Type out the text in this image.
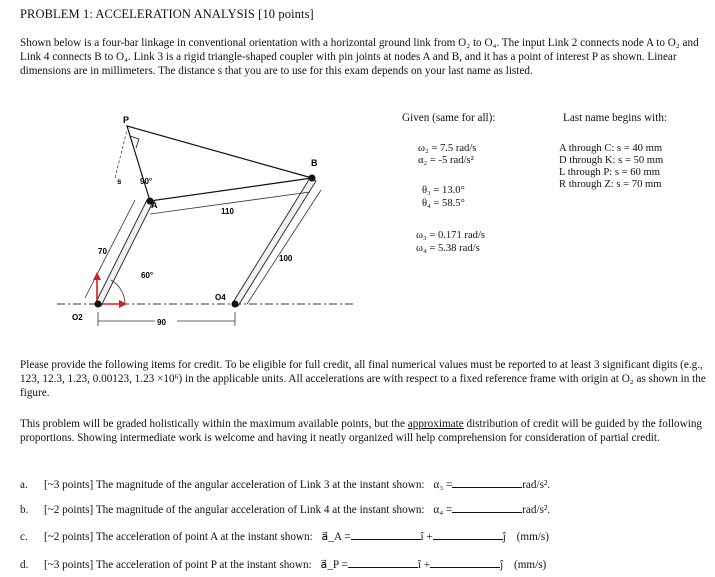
PROBLEM 1: ACCELERATION ANALYSIS [10 points]
Shown below is a four-bar linkage in conventional orientation with a horizontal ground link from O₂ to O₄. The input Link 2 connects node A to O₂ and Link 4 connects B to O₄. Link 3 is a rigid triangle-shaped coupler with pin joints at nodes A and B, and it has a point of interest P as shown. Linear dimensions are in millimeters. The distance s that you are to use for this exam depends on your last name as listed.
P
B
s
A
O2
O4
90°
60°
110
70
100
90
Given (same for all):
ω₂ = 7.5 rad/s
α₂ = -5 rad/s²
θ₃ = 13.0°
θ₄ = 58.5°
ω₃ = 0.171 rad/s
ω₄ = 5.38 rad/s
Last name begins with:
A through C: s = 40 mm
D through K: s = 50 mm
L through P: s = 60 mm
R through Z: s = 70 mm
Please provide the following items for credit. To be eligible for full credit, all final numerical values must be reported to at least 3 significant digits (e.g., 123, 12.3, 1.23, 0.00123, 1.23 ×10⁶) in the applicable units. All accelerations are with respect to a fixed reference frame with origin at O₂ as shown in the figure.
This problem will be graded holistically within the maximum available points, but the approximate distribution of credit will be guided by the following proportions. Showing intermediate work is welcome and having it neatly organized will help comprehension for consideration of partial credit.
a. [~3 points] The magnitude of the angular acceleration of Link 3 at the instant shown: α₃ =	rad/s².
b. [~2 points] The magnitude of the angular acceleration of Link 4 at the instant shown: α₄ =	rad/s².
c. [~2 points] The acceleration of point A at the instant shown: a⃗_A =	î +	ĵ (mm/s)
d. [~3 points] The acceleration of point P at the instant shown: a⃗_P =	î +	ĵ (mm/s)
